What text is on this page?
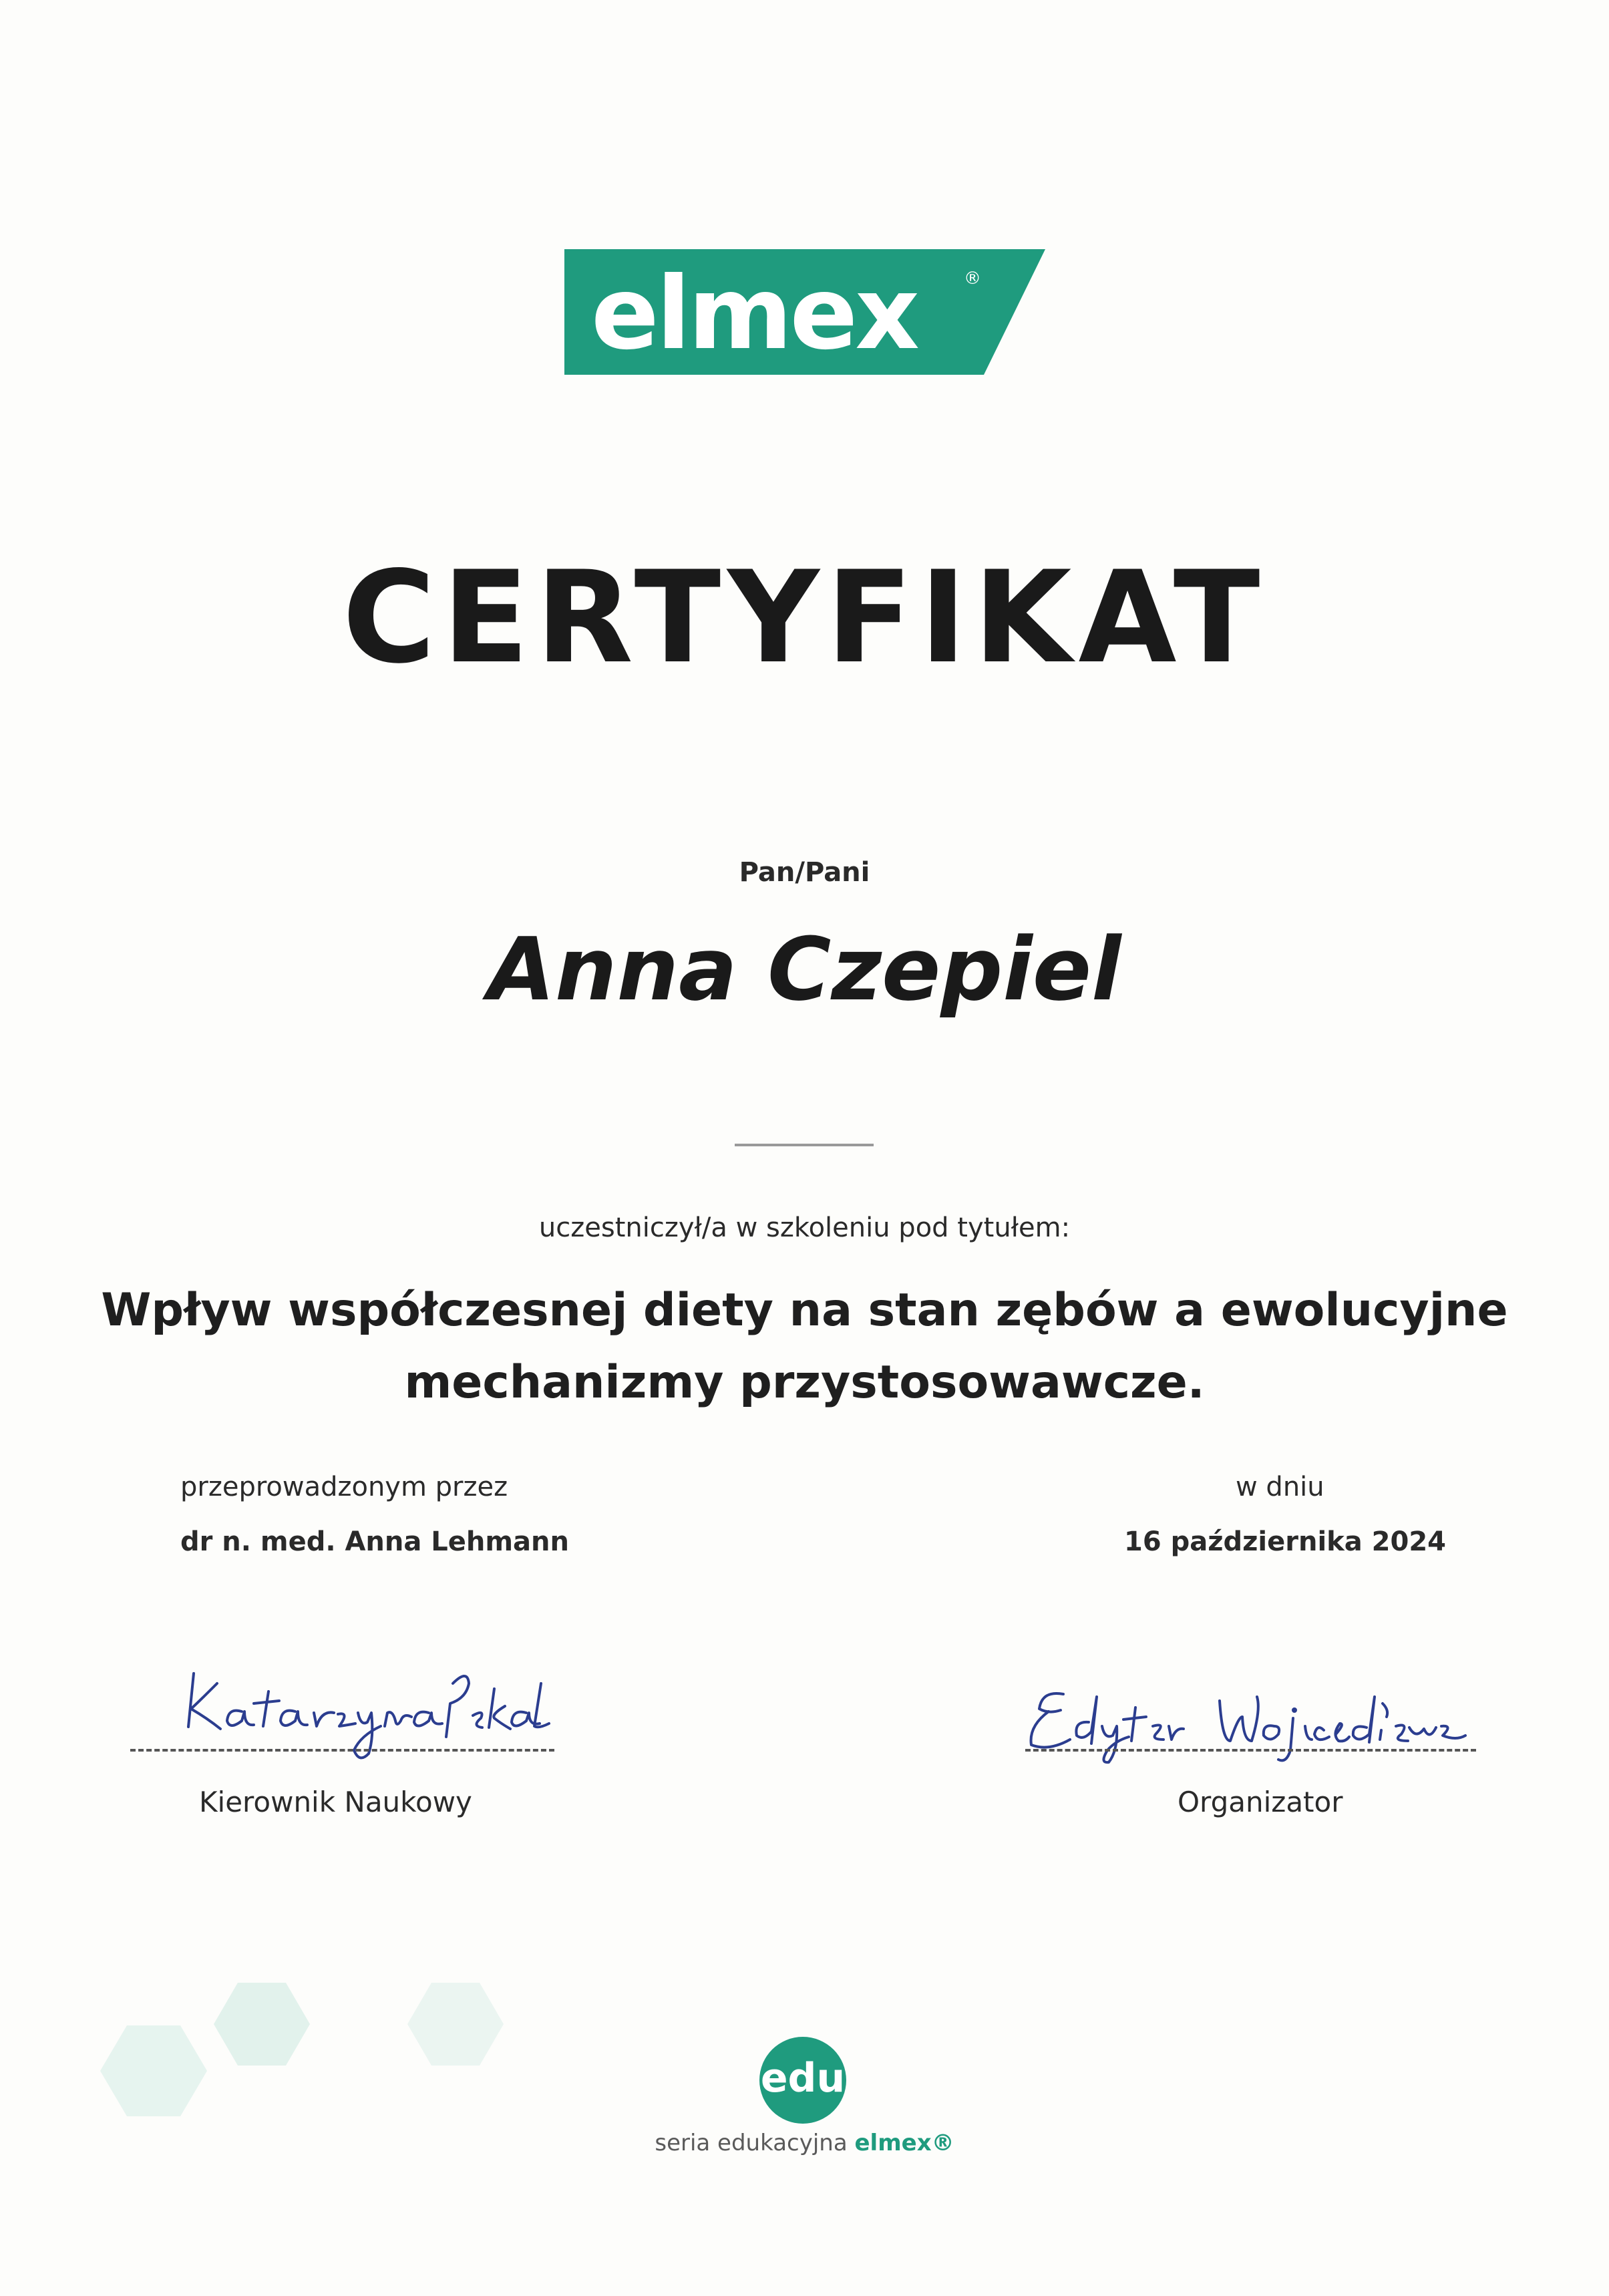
elmex	®
CERTYFIKAT
Pan/Pani
Anna Czepiel
uczestniczył/a w szkoleniu pod tytułem:
Wpływ współczesnej diety na stan zębów a ewolucyjne
mechanizmy przystosowawcze.
przeprowadzonym przez
dr n. med. Anna Lehmann
w dniu
16 października 2024
Kierownik Naukowy	Organizator
edu
seria edukacyjna elmex®
